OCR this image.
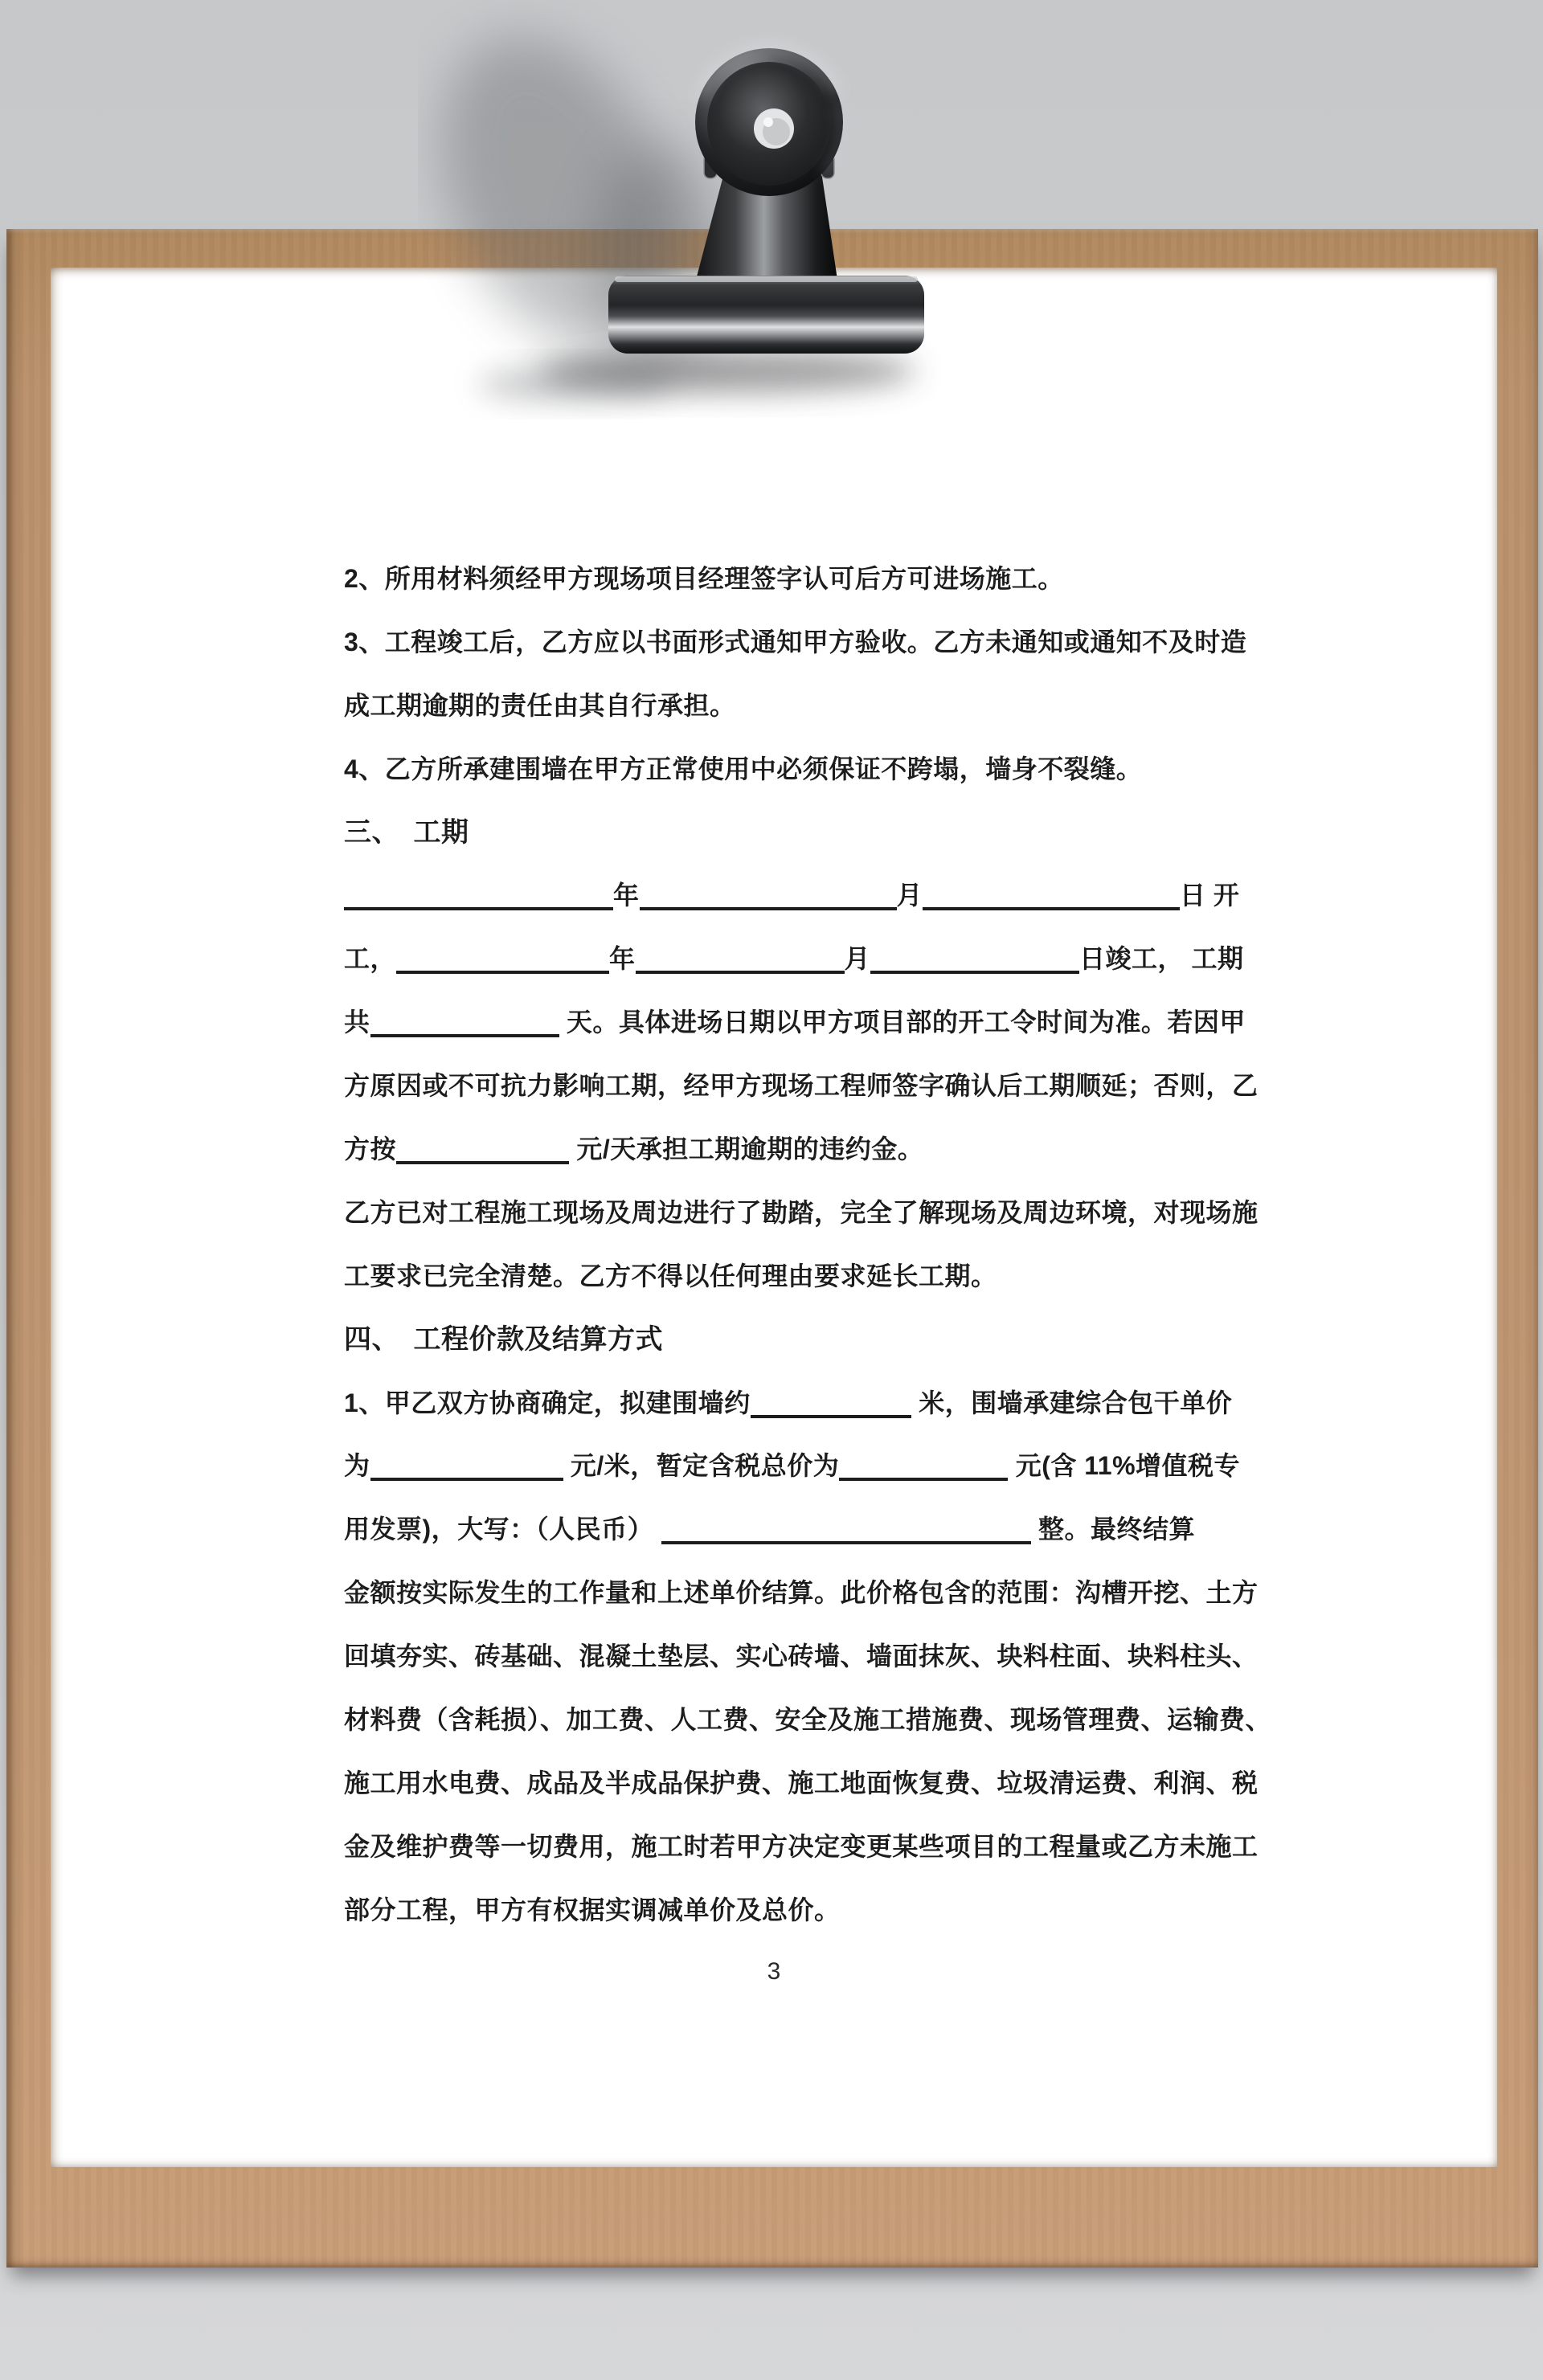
2、所用材料须经甲方现场项目经理签字认可后方可进场施工。
3、工程竣工后，乙方应以书面形式通知甲方验收。乙方未通知或通知不及时造
成工期逾期的责任由其自行承担。
4、乙方所承建围墙在甲方正常使用中必须保证不跨塌，墙身不裂缝。
三、　工期
年	月	日 开
工，	年	月	日竣工， 工期
共	天。具体进场日期以甲方项目部的开工令时间为准。若因甲
方原因或不可抗力影响工期，经甲方现场工程师签字确认后工期顺延；否则，乙
方按	元/天承担工期逾期的违约金。
乙方已对工程施工现场及周边进行了勘踏，完全了解现场及周边环境，对现场施
工要求已完全清楚。乙方不得以任何理由要求延长工期。
四、　工程价款及结算方式
1、甲乙双方协商确定，拟建围墙约	米，围墙承建综合包干单价
为	元/米，暂定含税总价为	元(含 11%增值税专
用发票)，大写：（人民币）	整。最终结算
金额按实际发生的工作量和上述单价结算。此价格包含的范围：沟槽开挖、土方
回填夯实、砖基础、混凝土垫层、实心砖墙、墙面抹灰、块料柱面、块料柱头、
材料费（含耗损）、加工费、人工费、安全及施工措施费、现场管理费、运输费、
施工用水电费、成品及半成品保护费、施工地面恢复费、垃圾清运费、利润、税
金及维护费等一切费用，施工时若甲方决定变更某些项目的工程量或乙方未施工
部分工程，甲方有权据实调减单价及总价。
3
